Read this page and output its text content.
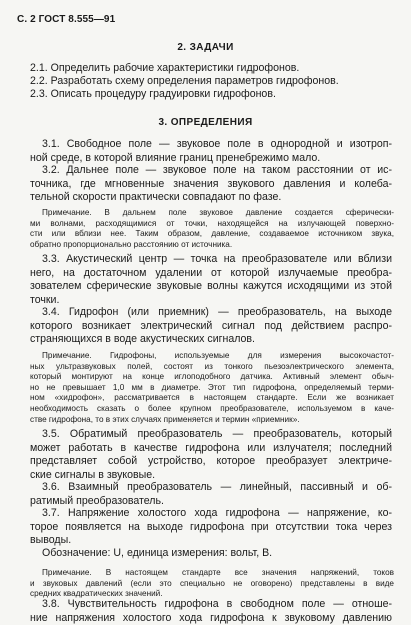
С. 2 ГОСТ 8.555—91
2. ЗАДАЧИ
2.1. Определить рабочие характеристики гидрофонов.
2.2. Разработать схему определения параметров гидрофонов.
2.3. Описать процедуру градуировки гидрофонов.
3. ОПРЕДЕЛЕНИЯ
3.1. Свободное поле — звуковое поле в однородной и изотроп-
ной среде, в которой влияние границ пренебрежимо мало.
3.2. Дальнее поле — звуковое поле на таком расстоянии от ис-
точника, где мгновенные значения звукового давления и колеба-
тельной скорости практически совпадают по фазе.
Примечание. В дальнем поле звуковое давление создается сферически-
ми волнами, расходящимися от точки, находящейся на излучающей поверхно-
сти или вблизи нее. Таким образом, давление, создаваемое источником звука,
обратно пропорционально расстоянию от источника.
3.3. Акустический центр — точка на преобразователе или вблизи
него, на достаточном удалении от которой излучаемые преобра-
зователем сферические звуковые волны кажутся исходящими из этой
точки.
3.4. Гидрофон (или приемник) — преобразователь, на выходе
которого возникает электрический сигнал под действием распро-
страняющихся в воде акустических сигналов.
Примечание. Гидрофоны, используемые для измерения высокочастот-
ных ультразвуковых полей, состоят из тонкого пьезоэлектрического элемента,
который монтируют на конце иглоподобного датчика. Активный элемент обыч-
но не превышает 1,0 мм в диаметре. Этот тип гидрофона, определяемый терми-
ном «хидрофон», рассматривается в настоящем стандарте. Если же возникает
необходимость сказать о более крупном преобразователе, используемом в каче-
стве гидрофона, то в этих случаях применяется и термин «приемник».
3.5. Обратимый преобразователь — преобразователь, который
может работать в качестве гидрофона или излучателя; последний
представляет собой устройство, которое преобразует электриче-
ские сигналы в звуковые.
3.6. Взаимный преобразователь — линейный, пассивный и об-
ратимый преобразователь.
3.7. Напряжение холостого хода гидрофона — напряжение, ко-
торое появляется на выходе гидрофона при отсутствии тока через
выводы.
Обозначение: U, единица измерения: вольт, В.
Примечание. В настоящем стандарте все значения напряжений, токов
и звуковых давлений (если это специально не оговорено) представлены в виде
средних квадратических значений.
3.8. Чувствительность гидрофона в свободном поле — отноше-
ние напряжения холостого хода гидрофона к звуковому давлению
